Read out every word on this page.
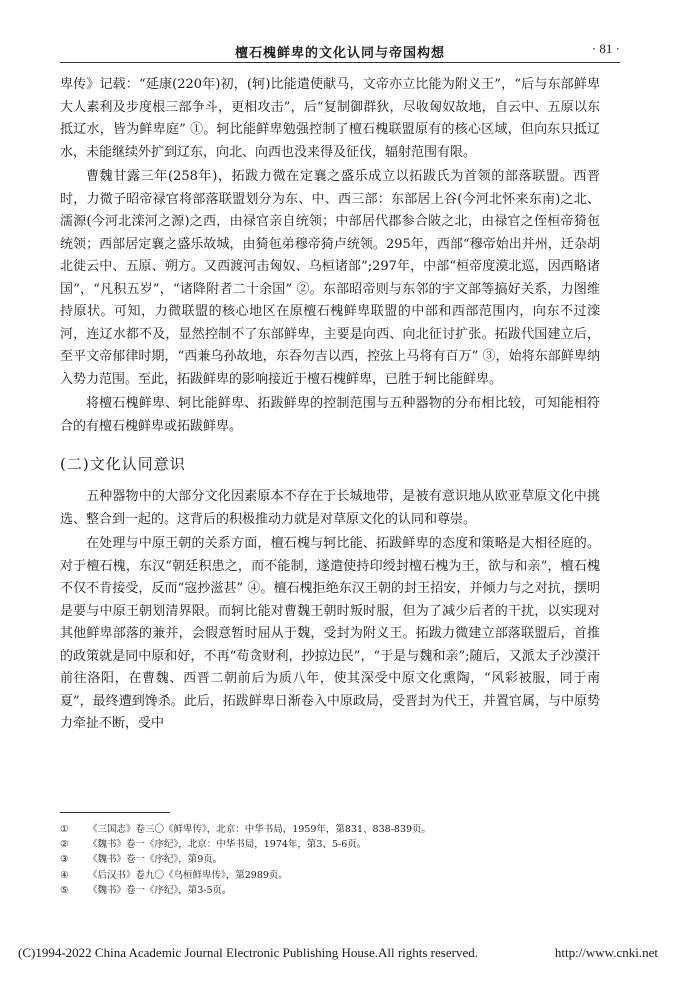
檀石槐鲜卑的文化认同与帝国构想	· 81 ·

卑传》记载：“延康(220年)初，(轲)比能遣使献马，文帝亦立比能为附义王”，“后与东部鲜卑大人素利及步度根三部争斗，更相攻击”，后“复制御群狄，尽收匈奴故地，自云中、五原以东抵辽水，皆为鲜卑庭” ①。轲比能鲜卑勉强控制了檀石槐联盟原有的核心区域，但向东只抵辽水，未能继续外扩到辽东，向北、向西也没来得及征伐，辐射范围有限。

曹魏甘露三年(258年)，拓跋力微在定襄之盛乐成立以拓跋氏为首领的部落联盟。西晋时，力微子昭帝禄官将部落联盟划分为东、中、西三部：东部居上谷(今河北怀来东南)之北、濡源(今河北滦河之源)之西，由禄官亲自统领；中部居代郡参合陂之北，由禄官之侄桓帝猗㐌统领；西部居定襄之盛乐故城，由猗㐌弟穆帝猗卢统领。295年，西部“穆帝始出并州，迁杂胡北徙云中、五原、朔方。又西渡河击匈奴、乌桓诸部”;297年，中部“桓帝度漠北巡，因西略诸国”，“凡积五岁”，“诸降附者二十余国” ②。东部昭帝则与东邻的宇文部等搞好关系，力图维持原状。可知，力微联盟的核心地区在原檀石槐鲜卑联盟的中部和西部范围内，向东不过滦河，连辽水都不及，显然控制不了东部鲜卑，主要是向西、向北征讨扩张。拓跋代国建立后，至平文帝郁律时期，“西兼乌孙故地，东吞勿吉以西，控弦上马将有百万” ③，始将东部鲜卑纳入势力范围。至此，拓跋鲜卑的影响接近于檀石槐鲜卑，已胜于轲比能鲜卑。

将檀石槐鲜卑、轲比能鲜卑、拓跋鲜卑的控制范围与五种器物的分布相比较，可知能相符合的有檀石槐鲜卑或拓跋鲜卑。

(二)文化认同意识

五种器物中的大部分文化因素原本不存在于长城地带，是被有意识地从欧亚草原文化中挑选、整合到一起的。这背后的积极推动力就是对草原文化的认同和尊崇。

在处理与中原王朝的关系方面，檀石槐与轲比能、拓跋鲜卑的态度和策略是大相径庭的。对于檀石槐，东汉“朝廷积患之，而不能制，遂遣使持印绶封檀石槐为王，欲与和亲”，檀石槐不仅不肯接受，反而“寇抄滋甚” ④。檀石槐拒绝东汉王朝的封王招安，并倾力与之对抗，摆明是要与中原王朝划清界限。而轲比能对曹魏王朝时叛时服，但为了减少后者的干扰，以实现对其他鲜卑部落的兼并，会假意暂时屈从于魏，受封为附义王。拓跋力微建立部落联盟后，首推的政策就是同中原和好，不再“苟贪财利，抄掠边民”，“于是与魏和亲”;随后，又派太子沙漠汗前往洛阳，在曹魏、西晋二朝前后为质八年，使其深受中原文化熏陶，“风彩被服，同于南夏”，最终遭到馋杀。此后，拓跋鲜卑日渐卷入中原政局，受晋封为代王，并置官属，与中原势力牵扯不断，受中

①	《三国志》卷三〇《鲜卑传》，北京：中华书局，1959年，第831、838-839页。
②	《魏书》卷一《序纪》，北京：中华书局，1974年，第3、5-6页。
③	《魏书》卷一《序纪》，第9页。
④	《后汉书》卷九〇《乌桓鲜卑传》，第2989页。
⑤	《魏书》卷一《序纪》，第3-5页。
(C)1994-2022 China Academic Journal Electronic Publishing House.All rights reserved.	http://www.cnki.net
